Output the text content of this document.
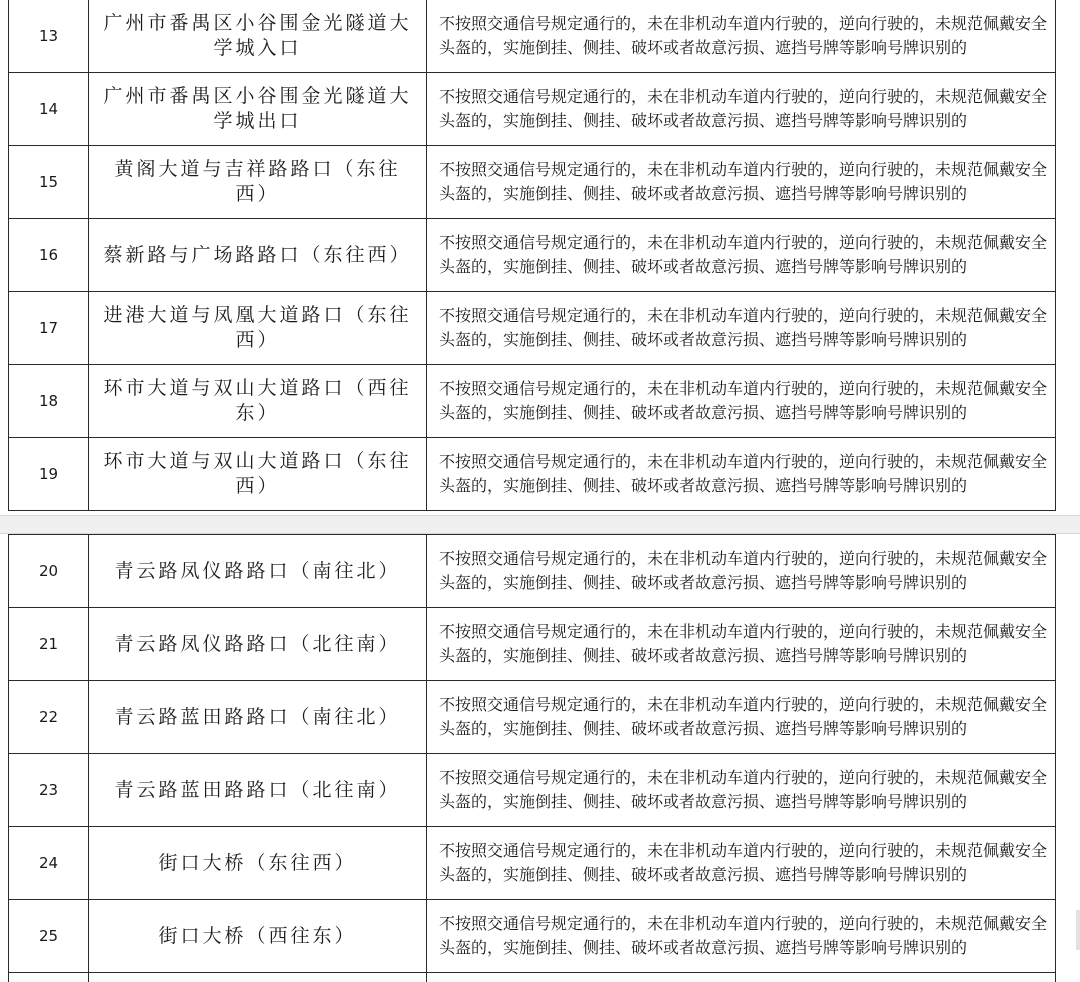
13	广州市番禺区小谷围金光隧道大学城入口	不按照交通信号规定通行的，未在非机动车道内行驶的，逆向行驶的，未规范佩戴安全头盔的，实施倒挂、侧挂、破坏或者故意污损、遮挡号牌等影响号牌识别的
14	广州市番禺区小谷围金光隧道大学城出口	不按照交通信号规定通行的，未在非机动车道内行驶的，逆向行驶的，未规范佩戴安全头盔的，实施倒挂、侧挂、破坏或者故意污损、遮挡号牌等影响号牌识别的
15	黄阁大道与吉祥路路口（东往西）	不按照交通信号规定通行的，未在非机动车道内行驶的，逆向行驶的，未规范佩戴安全头盔的，实施倒挂、侧挂、破坏或者故意污损、遮挡号牌等影响号牌识别的
16	蔡新路与广场路路口（东往西）	不按照交通信号规定通行的，未在非机动车道内行驶的，逆向行驶的，未规范佩戴安全头盔的，实施倒挂、侧挂、破坏或者故意污损、遮挡号牌等影响号牌识别的
17	进港大道与凤凰大道路口（东往西）	不按照交通信号规定通行的，未在非机动车道内行驶的，逆向行驶的，未规范佩戴安全头盔的，实施倒挂、侧挂、破坏或者故意污损、遮挡号牌等影响号牌识别的
18	环市大道与双山大道路口（西往东）	不按照交通信号规定通行的，未在非机动车道内行驶的，逆向行驶的，未规范佩戴安全头盔的，实施倒挂、侧挂、破坏或者故意污损、遮挡号牌等影响号牌识别的
19	环市大道与双山大道路口（东往西）	不按照交通信号规定通行的，未在非机动车道内行驶的，逆向行驶的，未规范佩戴安全头盔的，实施倒挂、侧挂、破坏或者故意污损、遮挡号牌等影响号牌识别的
20	青云路凤仪路路口（南往北）	不按照交通信号规定通行的，未在非机动车道内行驶的，逆向行驶的，未规范佩戴安全头盔的，实施倒挂、侧挂、破坏或者故意污损、遮挡号牌等影响号牌识别的
21	青云路凤仪路路口（北往南）	不按照交通信号规定通行的，未在非机动车道内行驶的，逆向行驶的，未规范佩戴安全头盔的，实施倒挂、侧挂、破坏或者故意污损、遮挡号牌等影响号牌识别的
22	青云路蓝田路路口（南往北）	不按照交通信号规定通行的，未在非机动车道内行驶的，逆向行驶的，未规范佩戴安全头盔的，实施倒挂、侧挂、破坏或者故意污损、遮挡号牌等影响号牌识别的
23	青云路蓝田路路口（北往南）	不按照交通信号规定通行的，未在非机动车道内行驶的，逆向行驶的，未规范佩戴安全头盔的，实施倒挂、侧挂、破坏或者故意污损、遮挡号牌等影响号牌识别的
24	街口大桥（东往西）	不按照交通信号规定通行的，未在非机动车道内行驶的，逆向行驶的，未规范佩戴安全头盔的，实施倒挂、侧挂、破坏或者故意污损、遮挡号牌等影响号牌识别的
25	街口大桥（西往东）	不按照交通信号规定通行的，未在非机动车道内行驶的，逆向行驶的，未规范佩戴安全头盔的，实施倒挂、侧挂、破坏或者故意污损、遮挡号牌等影响号牌识别的
